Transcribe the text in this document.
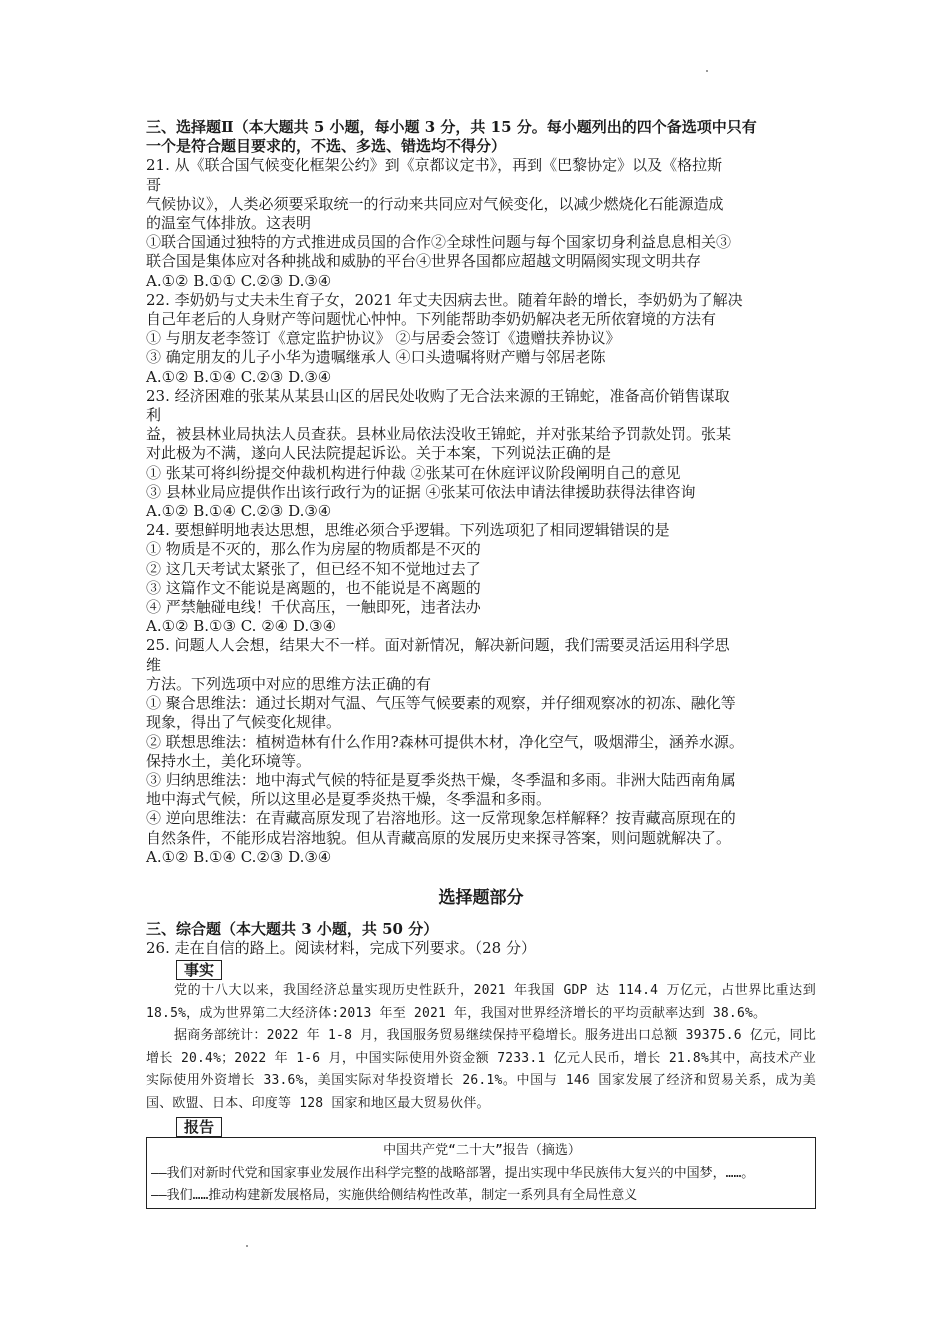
三、选择题Ⅱ（本大题共 5 小题，每小题 3 分，共 15 分。每小题列出的四个备选项中只有
一个是符合题目要求的，不选、多选、错选均不得分）
21. 从《联合国气候变化框架公约》到《京都议定书》，再到《巴黎协定》以及《格拉斯
哥
气候协议》，人类必须要采取统一的行动来共同应对气候变化，以减少燃烧化石能源造成
的温室气体排放。这表明
①联合国通过独特的方式推进成员国的合作②全球性问题与每个国家切身利益息息相关③
联合国是集体应对各种挑战和威胁的平台④世界各国都应超越文明隔阂实现文明共存
A.①② B.①① C.②③ D.③④
22. 李奶奶与丈夫未生育子女，2021 年丈夫因病去世。随着年龄的增长，李奶奶为了解决
自己年老后的人身财产等问题忧心忡忡。下列能帮助李奶奶解决老无所依窘境的方法有
① 与朋友老李签订《意定监护协议》 ②与居委会签订《遗赠扶养协议》
③ 确定朋友的儿子小华为遗嘱继承人 ④口头遗嘱将财产赠与邻居老陈
A.①② B.①④ C.②③ D.③④
23. 经济困难的张某从某县山区的居民处收购了无合法来源的王锦蛇，准备高价销售谋取
利
益，被县林业局执法人员查获。县林业局依法没收王锦蛇，并对张某给予罚款处罚。张某
对此极为不满，遂向人民法院提起诉讼。关于本案，下列说法正确的是
① 张某可将纠纷提交仲裁机构进行仲裁 ②张某可在休庭评议阶段阐明自己的意见
③ 县林业局应提供作出该行政行为的证据 ④张某可依法申请法律援助获得法律咨询
A.①② B.①④ C.②③ D.③④
24. 要想鲜明地表达思想，思维必须合乎逻辑。下列选项犯了相同逻辑错误的是
① 物质是不灭的，那么作为房屋的物质都是不灭的
② 这几天考试太紧张了，但已经不知不觉地过去了
③ 这篇作文不能说是离题的，也不能说是不离题的
④ 严禁触碰电线！千伏高压，一触即死，违者法办
A.①② B.①③ C. ②④ D.③④
25. 问题人人会想，结果大不一样。面对新情况，解决新问题，我们需要灵活运用科学思
维
方法。下列选项中对应的思维方法正确的有
① 聚合思维法：通过长期对气温、气压等气候要素的观察，并仔细观察冰的初冻、融化等
现象，得出了气候变化规律。
② 联想思维法：植树造林有什么作用?森林可提供木材，净化空气，吸烟滞尘，涵养水源。
保持水土，美化环境等。
③ 归纳思维法：地中海式气候的特征是夏季炎热干燥，冬季温和多雨。非洲大陆西南角属
地中海式气候，所以这里必是夏季炎热干燥，冬季温和多雨。
④ 逆向思维法：在青藏高原发现了岩溶地形。这一反常现象怎样解释？按青藏高原现在的
自然条件，不能形成岩溶地貌。但从青藏高原的发展历史来探寻答案，则问题就解决了。
A.①② B.①④ C.②③ D.③④
选择题部分
三、综合题（本大题共 3 小题，共 50 分）
26. 走在自信的路上。阅读材料，完成下列要求。（28 分）
事实
党的十八大以来，我国经济总量实现历史性跃升，2021 年我国 GDP 达 114.4 万亿元，占世界比重达到 18.5%，成为世界第二大经济体:2013 年至 2021 年，我国对世界经济增长的平均贡献率达到 38.6%。
据商务部统计：2022 年 1-8 月，我国服务贸易继续保持平稳增长。服务进出口总额 39375.6 亿元，同比增长 20.4%；2022 年 1-6 月，中国实际使用外资金额 7233.1 亿元人民币，增长 21.8%其中，高技术产业实际使用外资增长 33.6%，美国实际对华投资增长 26.1%。中国与 146 国家发展了经济和贸易关系，成为美国、欧盟、日本、印度等 128 国家和地区最大贸易伙伴。
报告
中国共产党“二十大”报告（摘选）
——我们对新时代党和国家事业发展作出科学完整的战略部署，提出实现中华民族伟大复兴的中国梦，……。
——我们……推动构建新发展格局，实施供给侧结构性改革，制定一系列具有全局性意义
